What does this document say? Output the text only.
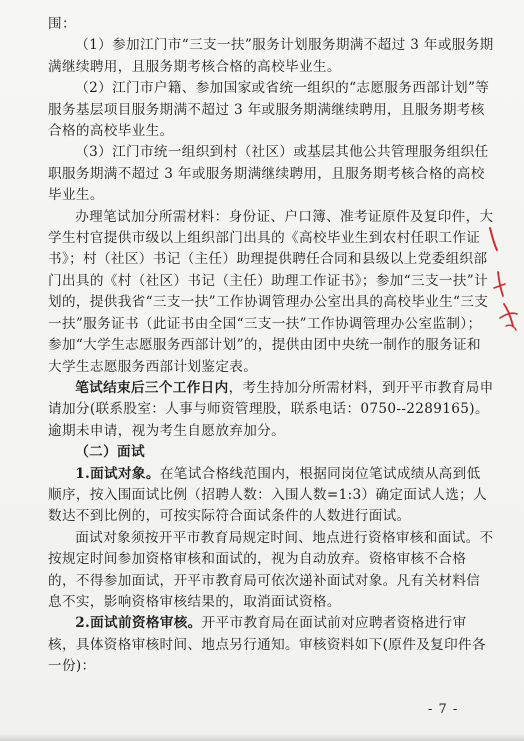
围：

（1）参加江门市“三支一扶”服务计划服务期满不超过 3 年或服务期满继续聘用，且服务期考核合格的高校毕业生。

（2）江门市户籍、参加国家或省统一组织的“志愿服务西部计划”等服务基层项目服务期满不超过 3 年或服务期满继续聘用，且服务期考核合格的高校毕业生。

（3）江门市统一组织到村（社区）或基层其他公共管理服务组织任职服务期满不超过 3 年或服务期满继续聘用，且服务期考核合格的高校毕业生。

办理笔试加分所需材料：身份证、户口簿、准考证原件及复印件，大学生村官提供市级以上组织部门出具的《高校毕业生到农村任职工作证书》；村（社区）书记（主任）助理提供聘任合同和县级以上党委组织部门出具的《村（社区）书记（主任）助理工作证书》；参加“三支一扶”计划的，提供我省“三支一扶”工作协调管理办公室出具的高校毕业生“三支一扶”服务证书（此证书由全国“三支一扶”工作协调管理办公室监制）；参加“大学生志愿服务西部计划”的，提供由团中央统一制作的服务证和大学生志愿服务西部计划鉴定表。

笔试结束后三个工作日内，考生持加分所需材料，到开平市教育局申请加分(联系股室：人事与师资管理股，联系电话：0750--2289165)。逾期未申请，视为考生自愿放弃加分。

（二）面试

1.面试对象。在笔试合格线范围内，根据同岗位笔试成绩从高到低顺序，按入围面试比例（招聘人数：入围人数=1:3）确定面试人选；人数达不到比例的，可按实际符合面试条件的人数进行面试。

面试对象须按开平市教育局规定时间、地点进行资格审核和面试。不按规定时间参加资格审核和面试的，视为自动放弃。资格审核不合格的，不得参加面试，开平市教育局可依次递补面试对象。凡有关材料信息不实，影响资格审核结果的，取消面试资格。

2.面试前资格审核。开平市教育局在面试前对应聘者资格进行审核，具体资格审核时间、地点另行通知。审核资料如下(原件及复印件各一份)：

- 7 -
